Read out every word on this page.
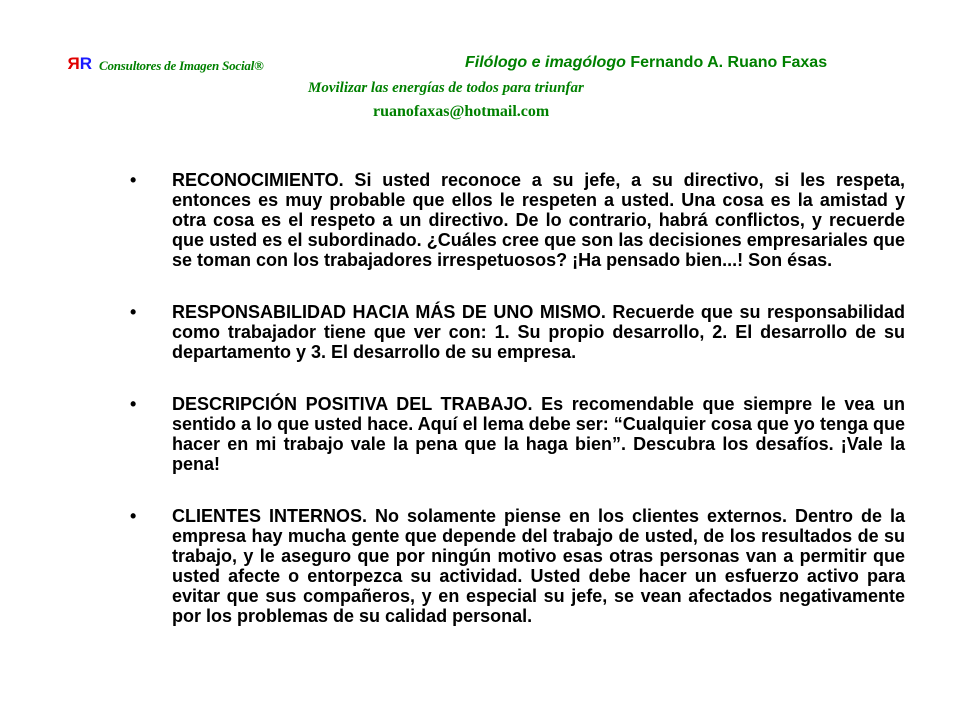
RR Consultores de Imagen Social®	Filólogo e imagólogo Fernando A. Ruano Faxas
Movilizar las energías de todos para triunfar
ruanofaxas@hotmail.com
• RECONOCIMIENTO. Si usted reconoce a su jefe, a su directivo, si les respeta, entonces es muy probable que ellos le respeten a usted. Una cosa es la amistad y otra cosa es el respeto a un directivo. De lo contrario, habrá conflictos, y recuerde que usted es el subordinado. ¿Cuáles cree que son las decisiones empresariales que se toman con los trabajadores irrespetuosos? ¡Ha pensado bien...! Son ésas.
• RESPONSABILIDAD HACIA MÁS DE UNO MISMO. Recuerde que su responsabilidad como trabajador tiene que ver con: 1. Su propio desarrollo, 2. El desarrollo de su departamento y 3. El desarrollo de su empresa.
• DESCRIPCIÓN POSITIVA DEL TRABAJO. Es recomendable que siempre le vea un sentido a lo que usted hace. Aquí el lema debe ser: “Cualquier cosa que yo tenga que hacer en mi trabajo vale la pena que la haga bien”. Descubra los desafíos. ¡Vale la pena!
• CLIENTES INTERNOS. No solamente piense en los clientes externos. Dentro de la empresa hay mucha gente que depende del trabajo de usted, de los resultados de su trabajo, y le aseguro que por ningún motivo esas otras personas van a permitir que usted afecte o entorpezca su actividad. Usted debe hacer un esfuerzo activo para evitar que sus compañeros, y en especial su jefe, se vean afectados negativamente por los problemas de su calidad personal.
